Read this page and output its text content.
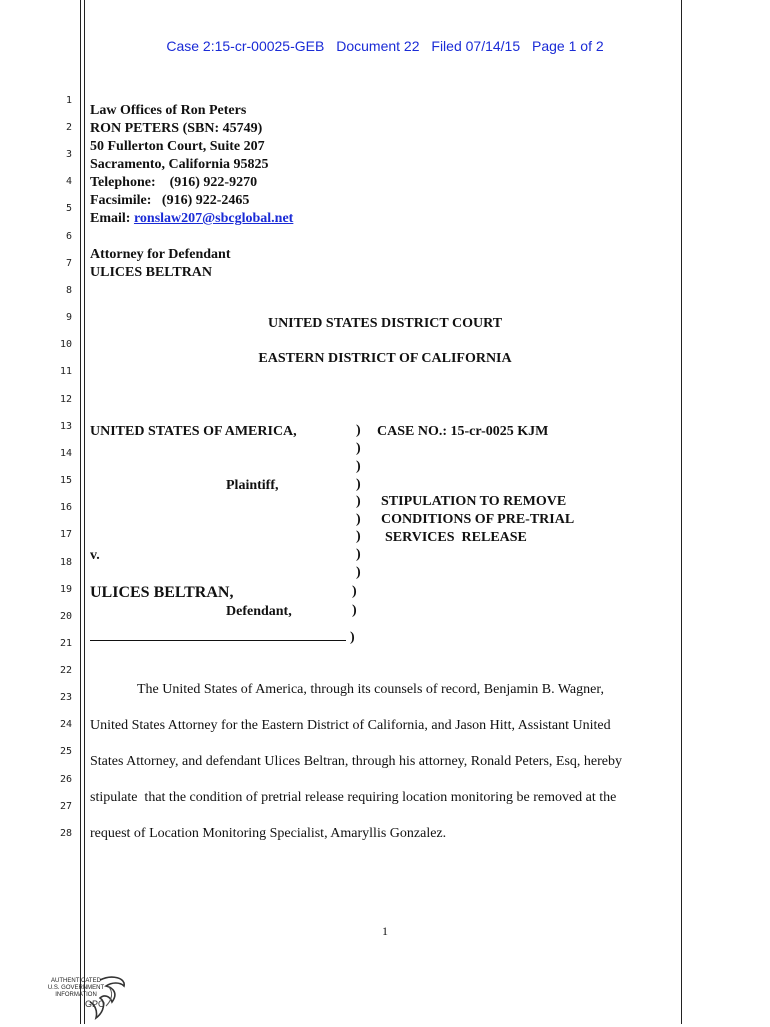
Case 2:15-cr-00025-GEB Document 22 Filed 07/14/15 Page 1 of 2
1
2
3
4
5
6
7
8
9
10
11
12
13
14
15
16
17
18
19
20
21
22
23
24
25
26
27
28
Law Offices of Ron Peters
RON PETERS (SBN: 45749)
50 Fullerton Court, Suite 207
Sacramento, California 95825
Telephone:    (916) 922-9270
Facsimile:   (916) 922-2465
Email: ronslaw207@sbcglobal.net
Attorney for Defendant
ULICES BELTRAN
UNITED STATES DISTRICT COURT
EASTERN DISTRICT OF CALIFORNIA
UNITED STATES OF AMERICA,
Plaintiff,
v.
ULICES BELTRAN,
Defendant,
)
)
)
)
)
)
)
)
)
)
)
)
CASE NO.: 15-cr-0025 KJM
STIPULATION TO REMOVE
CONDITIONS OF PRE-TRIAL
SERVICES  RELEASE
The United States of America, through its counsels of record, Benjamin B. Wagner,
United States Attorney for the Eastern District of California, and Jason Hitt, Assistant United
States Attorney, and defendant Ulices Beltran, through his attorney, Ronald Peters, Esq, hereby
stipulate  that the condition of pretrial release requiring location monitoring be removed at the
request of Location Monitoring Specialist, Amaryllis Gonzalez.
1
AUTHENTICATED
U.S. GOVERNMENT
INFORMATION
GPO
